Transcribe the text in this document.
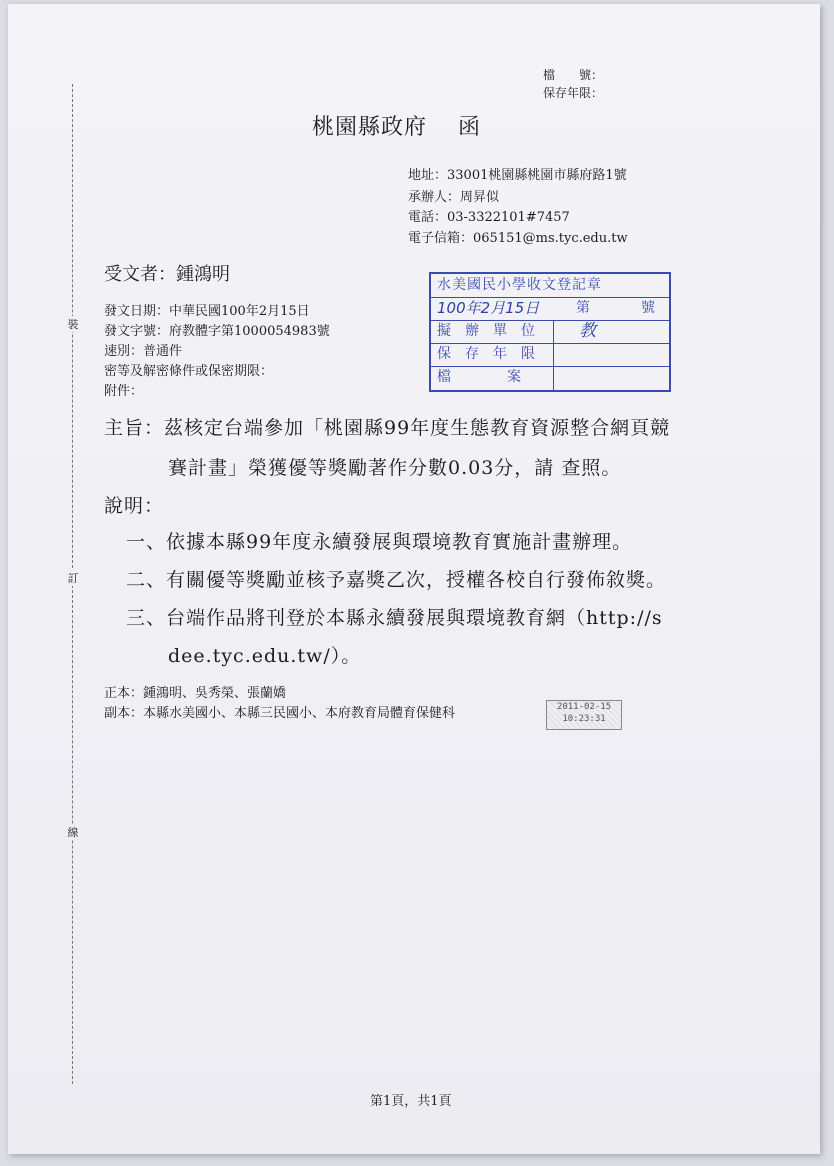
裝
訂
線
檔　　號：
保存年限：
桃園縣政府　 函
地址：33001桃園縣桃園市縣府路1號
承辦人：周昇似
電話：03-3322101#7457
電子信箱：065151@ms.tyc.edu.tw
受文者：鍾鴻明
發文日期：中華民國100年2月15日
發文字號：府教體字第1000054983號
速別：普通件
密等及解密條件或保密期限：
附件：
水美國民小學收文登記章
100年2月15日	第	號
擬　辦　單　位	教
保　存　年　限
檔　　　　案
主旨：茲核定台端參加「桃園縣99年度生態教育資源整合網頁競
賽計畫」榮獲優等獎勵著作分數0.03分，請 查照。
說明：
一、依據本縣99年度永續發展與環境教育實施計畫辦理。
二、有關優等獎勵並核予嘉獎乙次，授權各校自行發佈敘獎。
三、台端作品將刊登於本縣永續發展與環境教育網（http://s
dee.tyc.edu.tw/）。
正本：鍾鴻明、吳秀榮、張蘭嬌
副本：本縣水美國小、本縣三民國小、本府教育局體育保健科	2011-02-15
10:23:31
第1頁，共1頁
